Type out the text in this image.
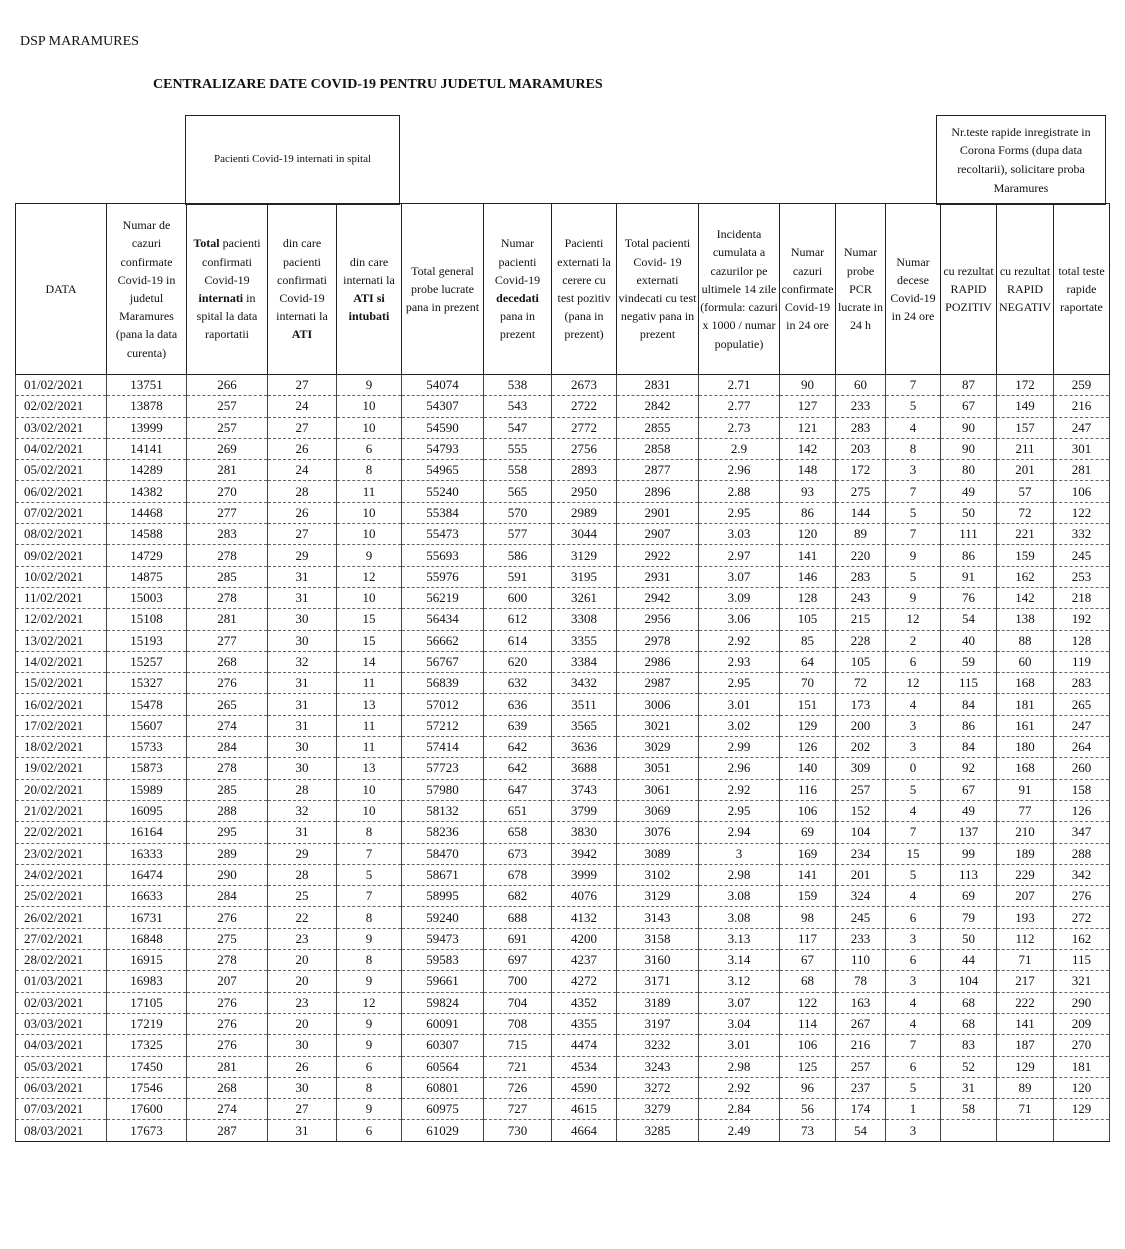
DSP MARAMURES
CENTRALIZARE DATE COVID-19 PENTRU JUDETUL MARAMURES
Pacienti Covid-19 internati in spital
Nr.teste rapide inregistrate in Corona Forms (dupa data recoltarii), solicitare proba Maramures
DATA	Numar de cazuri confirmate Covid-19 in judetul Maramures (pana la data curenta)	Total pacienti confirmati Covid-19 internati in spital la data raportatii	din care pacienti confirmati Covid-19 internati la ATI	din care internati la ATI si intubati	Total general probe lucrate pana in prezent	Numar pacienti Covid-19 decedati pana in prezent	Pacienti externati la cerere cu test pozitiv (pana in prezent)	Total pacienti Covid- 19 externati vindecati cu test negativ pana in prezent	Incidenta cumulata a cazurilor pe ultimele 14 zile (formula: cazuri x 1000 / numar populatie)	Numar cazuri confirmate Covid-19 in 24 ore	Numar probe PCR lucrate in 24 h	Numar decese Covid-19 in 24 ore	cu rezultat RAPID POZITIV	cu rezultat RAPID NEGATIV	total teste rapide raportate
01/02/2021	13751	266	27	9	54074	538	2673	2831	2.71	90	60	7	87	172	259
02/02/2021	13878	257	24	10	54307	543	2722	2842	2.77	127	233	5	67	149	216
03/02/2021	13999	257	27	10	54590	547	2772	2855	2.73	121	283	4	90	157	247
04/02/2021	14141	269	26	6	54793	555	2756	2858	2.9	142	203	8	90	211	301
05/02/2021	14289	281	24	8	54965	558	2893	2877	2.96	148	172	3	80	201	281
06/02/2021	14382	270	28	11	55240	565	2950	2896	2.88	93	275	7	49	57	106
07/02/2021	14468	277	26	10	55384	570	2989	2901	2.95	86	144	5	50	72	122
08/02/2021	14588	283	27	10	55473	577	3044	2907	3.03	120	89	7	111	221	332
09/02/2021	14729	278	29	9	55693	586	3129	2922	2.97	141	220	9	86	159	245
10/02/2021	14875	285	31	12	55976	591	3195	2931	3.07	146	283	5	91	162	253
11/02/2021	15003	278	31	10	56219	600	3261	2942	3.09	128	243	9	76	142	218
12/02/2021	15108	281	30	15	56434	612	3308	2956	3.06	105	215	12	54	138	192
13/02/2021	15193	277	30	15	56662	614	3355	2978	2.92	85	228	2	40	88	128
14/02/2021	15257	268	32	14	56767	620	3384	2986	2.93	64	105	6	59	60	119
15/02/2021	15327	276	31	11	56839	632	3432	2987	2.95	70	72	12	115	168	283
16/02/2021	15478	265	31	13	57012	636	3511	3006	3.01	151	173	4	84	181	265
17/02/2021	15607	274	31	11	57212	639	3565	3021	3.02	129	200	3	86	161	247
18/02/2021	15733	284	30	11	57414	642	3636	3029	2.99	126	202	3	84	180	264
19/02/2021	15873	278	30	13	57723	642	3688	3051	2.96	140	309	0	92	168	260
20/02/2021	15989	285	28	10	57980	647	3743	3061	2.92	116	257	5	67	91	158
21/02/2021	16095	288	32	10	58132	651	3799	3069	2.95	106	152	4	49	77	126
22/02/2021	16164	295	31	8	58236	658	3830	3076	2.94	69	104	7	137	210	347
23/02/2021	16333	289	29	7	58470	673	3942	3089	3	169	234	15	99	189	288
24/02/2021	16474	290	28	5	58671	678	3999	3102	2.98	141	201	5	113	229	342
25/02/2021	16633	284	25	7	58995	682	4076	3129	3.08	159	324	4	69	207	276
26/02/2021	16731	276	22	8	59240	688	4132	3143	3.08	98	245	6	79	193	272
27/02/2021	16848	275	23	9	59473	691	4200	3158	3.13	117	233	3	50	112	162
28/02/2021	16915	278	20	8	59583	697	4237	3160	3.14	67	110	6	44	71	115
01/03/2021	16983	207	20	9	59661	700	4272	3171	3.12	68	78	3	104	217	321
02/03/2021	17105	276	23	12	59824	704	4352	3189	3.07	122	163	4	68	222	290
03/03/2021	17219	276	20	9	60091	708	4355	3197	3.04	114	267	4	68	141	209
04/03/2021	17325	276	30	9	60307	715	4474	3232	3.01	106	216	7	83	187	270
05/03/2021	17450	281	26	6	60564	721	4534	3243	2.98	125	257	6	52	129	181
06/03/2021	17546	268	30	8	60801	726	4590	3272	2.92	96	237	5	31	89	120
07/03/2021	17600	274	27	9	60975	727	4615	3279	2.84	56	174	1	58	71	129
08/03/2021	17673	287	31	6	61029	730	4664	3285	2.49	73	54	3			
